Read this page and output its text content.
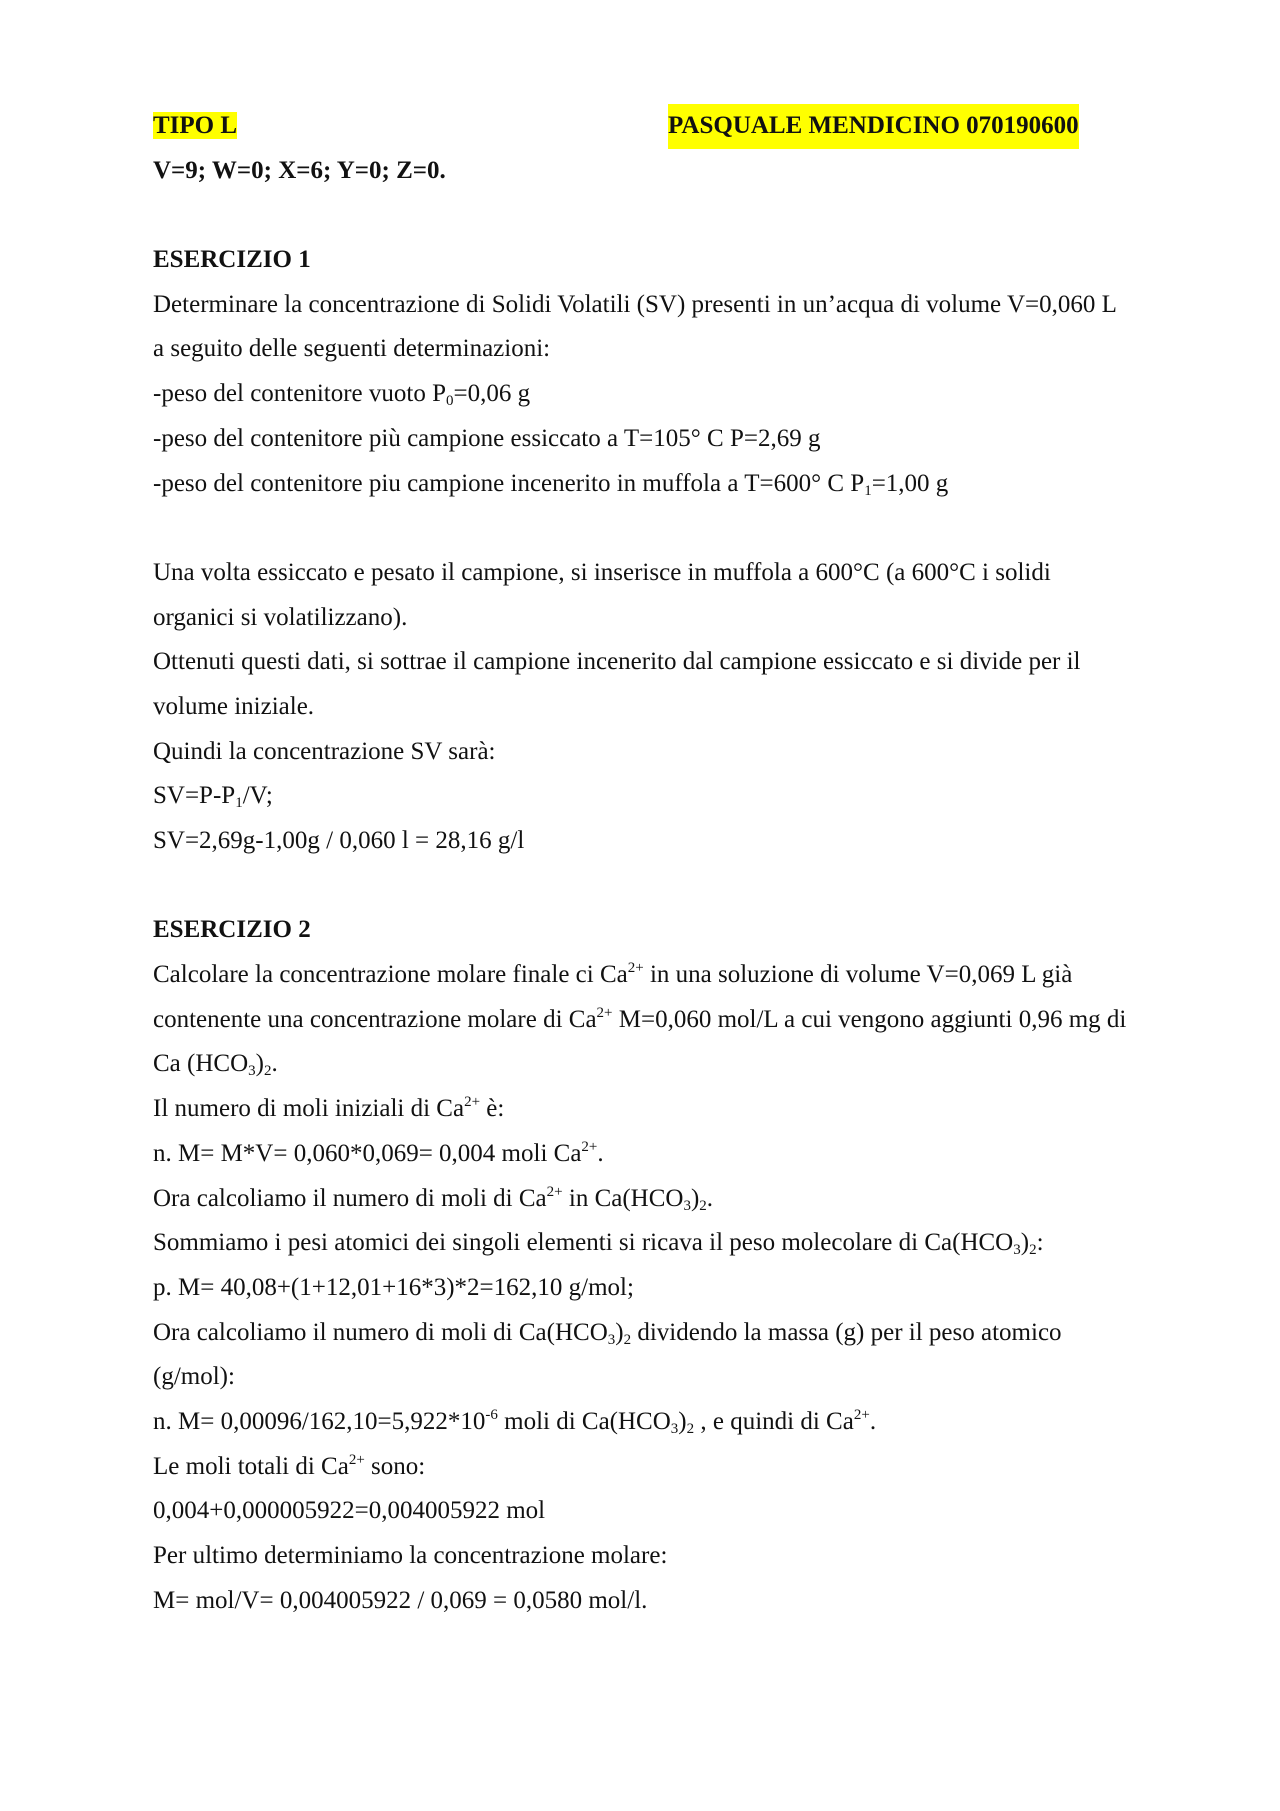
TIPO L	PASQUALE MENDICINO 070190600
V=9; W=0; X=6; Y=0; Z=0.
ESERCIZIO 1
Determinare la concentrazione di Solidi Volatili (SV) presenti in un’acqua di volume V=0,060 L
a seguito delle seguenti determinazioni:
-peso del contenitore vuoto $P_0=0,06$ g
-peso del contenitore più campione essiccato a T=105° C P=2,69 g
-peso del contenitore piu campione incenerito in muffola a T=600° C $P_1=1,00$ g
Una volta essiccato e pesato il campione, si inserisce in muffola a 600°C (a 600°C i solidi
organici si volatilizzano).
Ottenuti questi dati, si sottrae il campione incenerito dal campione essiccato e si divide per il
volume iniziale.
Quindi la concentrazione SV sarà:
$SV=P-P_1/V$;
SV=2,69g-1,00g / 0,060 l = 28,16 g/l
ESERCIZIO 2
Calcolare la concentrazione molare finale ci $Ca^{2+}$ in una soluzione di volume V=0,069 L già
contenente una concentrazione molare di $Ca^{2+}$ M=0,060 mol/L a cui vengono aggiunti 0,96 mg di
Ca $(HCO_3)_2$.
Il numero di moli iniziali di $Ca^{2+}$ è:
n. M= M*V= 0,060*0,069= 0,004 moli $Ca^{2+}$.
Ora calcoliamo il numero di moli di $Ca^{2+}$ in $Ca(HCO_3)_2$.
Sommiamo i pesi atomici dei singoli elementi si ricava il peso molecolare di $Ca(HCO_3)_2$:
p. M= 40,08+(1+12,01+16*3)*2=162,10 g/mol;
Ora calcoliamo il numero di moli di $Ca(HCO_3)_2$ dividendo la massa (g) per il peso atomico
(g/mol):
n. $M= 0,00096/162,10=5,922*10^{-6}$ moli di $Ca(HCO_3)_2$ , e quindi di $Ca^{2+}$.
Le moli totali di $Ca^{2+}$ sono:
0,004+0,000005922=0,004005922 mol
Per ultimo determiniamo la concentrazione molare:
M= mol/V= 0,004005922 / 0,069 = 0,0580 mol/l.
